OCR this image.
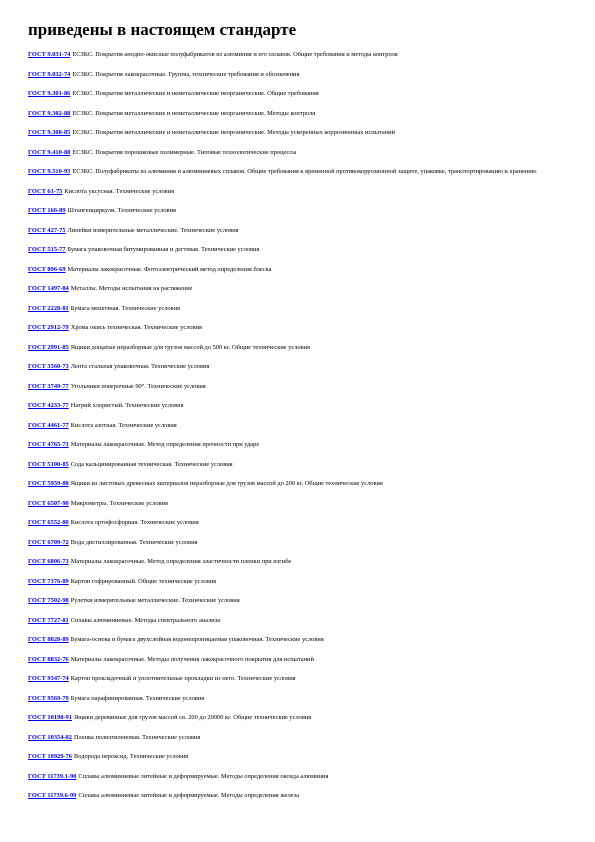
приведены в настоящем стандарте
ГОСТ 9.031-74 ЕСЗКС. Покрытия анодно-окисные полуфабрикатов из алюминия и его сплавов. Общие требования и методы контроля
ГОСТ 9.032-74 ЕСЗКС. Покрытия лакокрасочные. Группы, технические требования и обозначения
ГОСТ 9.301-86 ЕСЗКС. Покрытия металлические и неметаллические неорганические. Общие требования
ГОСТ 9.302-88 ЕСЗКС. Покрытия металлические и неметаллические неорганические. Методы контроля
ГОСТ 9.308-85 ЕСЗКС. Покрытия металлические и неметаллические неорганические. Методы ускоренных коррозионных испытаний
ГОСТ 9.410-88 ЕСЗКС. Покрытия порошковые полимерные. Типовые технологические процессы
ГОСТ 9.510-93 ЕСЗКС. Полуфабрикаты из алюминия и алюминиевых сплавов. Общие требования к временной противокоррозионной защите, упаковке, транспортированию и хранению
ГОСТ 61-75 Кислота уксусная. Технические условия
ГОСТ 166-89 Штангенциркули. Технические условия
ГОСТ 427-75 Линейки измерительные металлические. Технические условия
ГОСТ 515-77 Бумага упаковочная битумированная и дегтевая. Технические условия
ГОСТ 896-69 Материалы лакокрасочные. Фотоэлектрический метод определения блеска
ГОСТ 1497-84 Металлы. Методы испытания на растяжение
ГОСТ 2228-81 Бумага мешочная. Технические условия
ГОСТ 2912-79 Хрома окись техническая. Технические условия
ГОСТ 2991-85 Ящики дощатые неразборные для грузов массой до 500 кг. Общие технические условия
ГОСТ 3560-73 Лента стальная упаковочная. Технические условия
ГОСТ 3749-77 Угольники поверочные 90°. Технические условия
ГОСТ 4233-77 Натрий хлористый. Технические условия
ГОСТ 4461-77 Кислота азотная. Технические условия
ГОСТ 4765-73 Материалы лакокрасочные. Метод определения прочности при ударе
ГОСТ 5100-85 Сода кальцинированная техническая. Технические условия
ГОСТ 5959-80 Ящики из листовых древесных материалов неразборные для грузов массой до 200 кг. Общие технические условия
ГОСТ 6507-90 Микрометры. Технические условия
ГОСТ 6552-80 Кислота ортофосфорная. Технические условия
ГОСТ 6709-72 Вода дистиллированная. Технические условия
ГОСТ 6806-73 Материалы лакокрасочные. Метод определения эластичности пленки при изгибе
ГОСТ 7376-89 Картон гофрированный. Общие технические условия
ГОСТ 7502-98 Рулетки измерительные металлические. Технические условия
ГОСТ 7727-81 Сплавы алюминиевые. Методы спектрального анализа
ГОСТ 8828-89 Бумага-основа и бумага двухслойная водонепроницаемая упаковочная. Технические условия
ГОСТ 8832-76 Материалы лакокрасочные. Методы получения лакокрасочного покрытия для испытаний
ГОСТ 9347-74 Картон прокладочный и уплотнительные прокладки из него. Технические условия
ГОСТ 9569-79 Бумага парафинированная. Технические условия
ГОСТ 10198-91 Ящики деревянные для грузов массой св. 200 до 20000 кг. Общие технические условия
ГОСТ 10354-82 Пленка полиэтиленовая. Технические условия
ГОСТ 10929-76 Водорода пероксид. Технические условия
ГОСТ 11739.1-90 Сплавы алюминиевые литейные и деформируемые. Методы определения оксида алюминия
ГОСТ 11739.6-99 Сплавы алюминиевые литейные и деформируемые. Методы определения железа
